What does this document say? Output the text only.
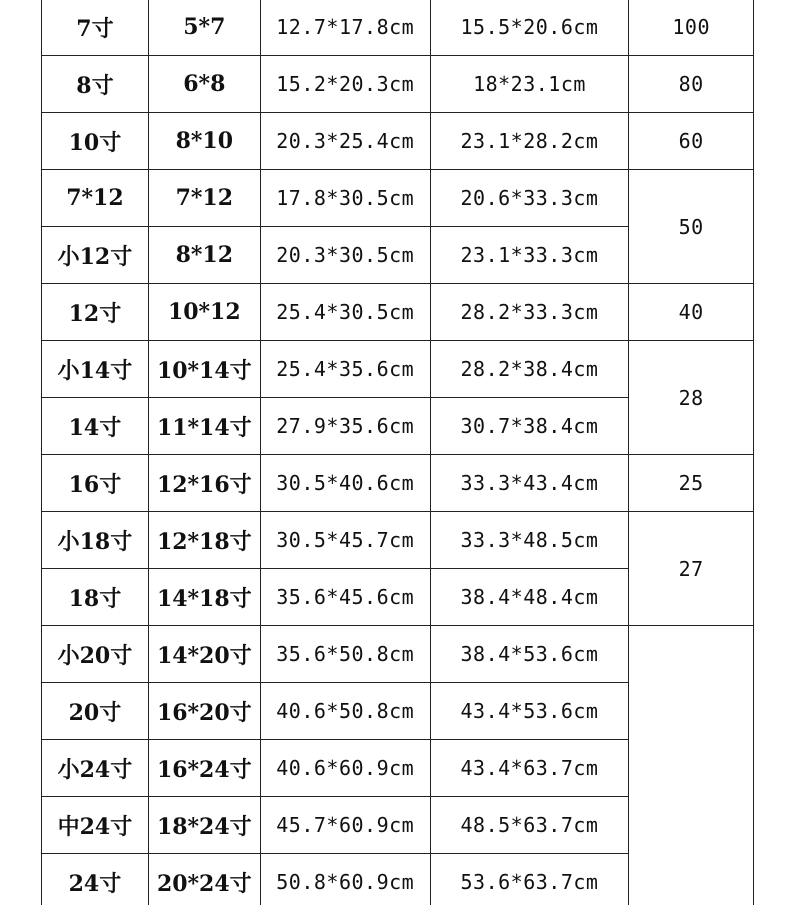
7寸	5*7	12.7*17.8cm	15.5*20.6cm	100
8寸	6*8	15.2*20.3cm	18*23.1cm	80
10寸	8*10	20.3*25.4cm	23.1*28.2cm	60
7*12	7*12	17.8*30.5cm	20.6*33.3cm	50
小12寸	8*12	20.3*30.5cm	23.1*33.3cm	
12寸	10*12	25.4*30.5cm	28.2*33.3cm	40
小14寸	10*14寸	25.4*35.6cm	28.2*38.4cm	28
14寸	11*14寸	27.9*35.6cm	30.7*38.4cm	
16寸	12*16寸	30.5*40.6cm	33.3*43.4cm	25
小18寸	12*18寸	30.5*45.7cm	33.3*48.5cm	27
18寸	14*18寸	35.6*45.6cm	38.4*48.4cm	
小20寸	14*20寸	35.6*50.8cm	38.4*53.6cm	
20寸	16*20寸	40.6*50.8cm	43.4*53.6cm	
小24寸	16*24寸	40.6*60.9cm	43.4*63.7cm	
中24寸	18*24寸	45.7*60.9cm	48.5*63.7cm	
24寸	20*24寸	50.8*60.9cm	53.6*63.7cm	
